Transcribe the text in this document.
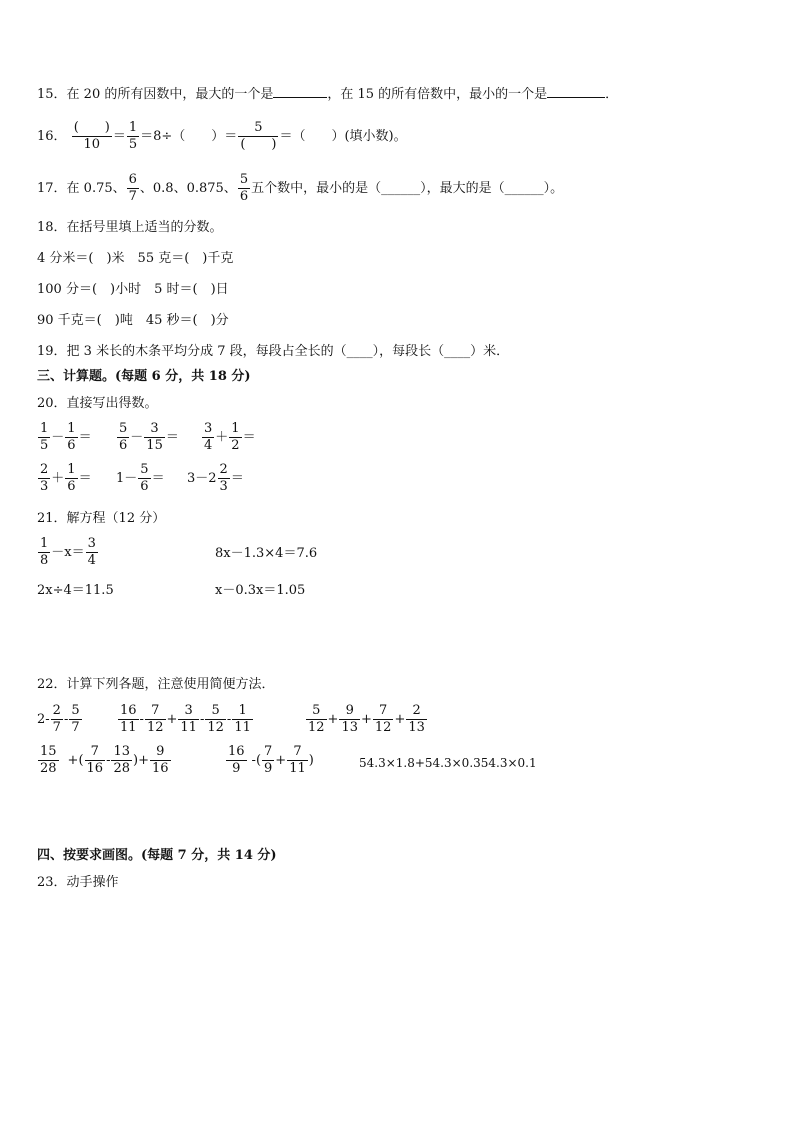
15．在 20 的所有因数中，最大的一个是	，在 15 的所有倍数中，最小的一个是	．
16． $\frac{( )}{10} = \frac{1}{5} =8\div$（　　）＝ $\frac{5}{( )}$ ＝（　　）(填小数)。
17．在 0.75、 $\frac{6}{7}$ 、0.8、0.875、 $\frac{5}{6}$ 五个数中，最小的是（______），最大的是（______）。
18．在括号里填上适当的分数。
4 分米＝(　)米　55 克＝(　)千克
100 分＝(　)小时　5 时＝(　)日
90 千克＝(　)吨　45 秒＝(　)分
19．把 3 米长的木条平均分成 7 段，每段占全长的（____），每段长（____）米．
三、计算题。(每题 6 分，共 18 分)
20．直接写出得数。
$\frac{1}{5} - \frac{1}{6} = \frac{5}{6} - \frac{3}{15} = \frac{3}{4} + \frac{1}{2}$ ＝
$\frac{2}{3} + \frac{1}{6} = 1- \frac{5}{6} = 3-2 \frac{2}{3}$ ＝
21．解方程（12 分）
$\frac{1}{8} -x= \frac{3}{4}$	8x－1.3×4＝7.6
2x÷4＝11.5	x－0.3x＝1.05
22．计算下列各题，注意使用简便方法．
$2- \frac{2}{7} - \frac{5}{7}$	$\frac{16}{11} - \frac{7}{12} + \frac{3}{11} - \frac{5}{12} - \frac{1}{11}$	$\frac{5}{12} + \frac{9}{13} + \frac{7}{12} + \frac{2}{13}$
$\frac{15}{28}$ +( $\frac{7}{16} - \frac{13}{28}$ )+ $\frac{9}{16}$	$\frac{16}{9}$ -( $\frac{7}{9} + \frac{7}{11}$ )	54.3×1.8+54.3×0.354.3×0.1
四、按要求画图。(每题 7 分，共 14 分)
23．动手操作
